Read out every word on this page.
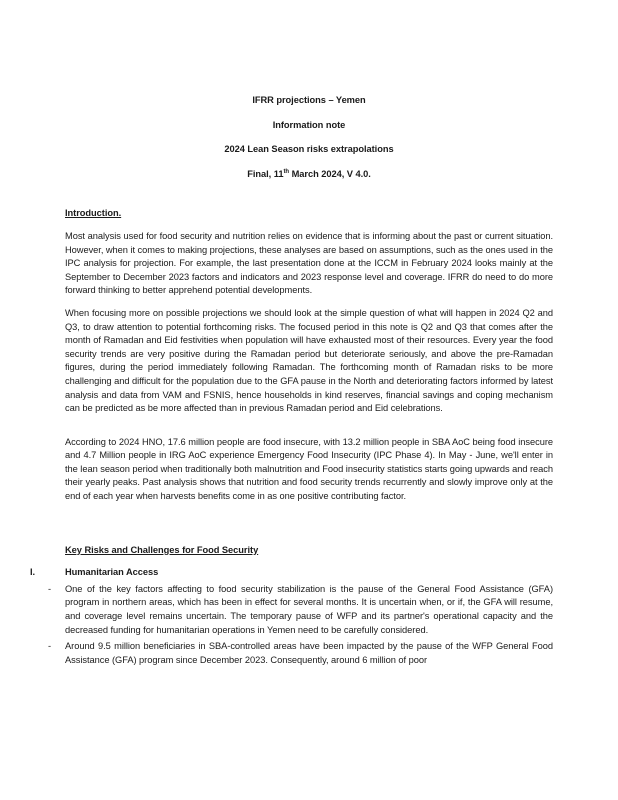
IFRR projections – Yemen

Information note

2024 Lean Season risks extrapolations

Final, 11th March 2024, V 4.0.

Introduction.

Most analysis used for food security and nutrition relies on evidence that is informing about the past or current situation. However, when it comes to making projections, these analyses are based on assumptions, such as the ones used in the IPC analysis for projection. For example, the last presentation done at the ICCM in February 2024 looks mainly at the September to December 2023 factors and indicators and 2023 response level and coverage. IFRR do need to do more forward thinking to better apprehend potential developments.

When focusing more on possible projections we should look at the simple question of what will happen in 2024 Q2 and Q3, to draw attention to potential forthcoming risks. The focused period in this note is Q2 and Q3 that comes after the month of Ramadan and Eid festivities when population will have exhausted most of their resources. Every year the food security trends are very positive during the Ramadan period but deteriorate seriously, and above the pre-Ramadan figures, during the period immediately following Ramadan. The forthcoming month of Ramadan risks to be more challenging and difficult for the population due to the GFA pause in the North and deteriorating factors informed by latest analysis and data from VAM and FSNIS, hence households in kind reserves, financial savings and coping mechanism can be predicted as be more affected than in previous Ramadan period and Eid celebrations.

According to 2024 HNO, 17.6 million people are food insecure, with 13.2 million people in SBA AoC being food insecure and 4.7 Million people in IRG AoC experience Emergency Food Insecurity (IPC Phase 4). In May - June, we'll enter in the lean season period when traditionally both malnutrition and Food insecurity statistics starts going upwards and reach their yearly peaks. Past analysis shows that nutrition and food security trends recurrently and slowly improve only at the end of each year when harvests benefits come in as one positive contributing factor.

Key Risks and Challenges for Food Security
I.	Humanitarian Access
-	One of the key factors affecting to food security stabilization is the pause of the General Food Assistance (GFA) program in northern areas, which has been in effect for several months. It is uncertain when, or if, the GFA will resume, and coverage level remains uncertain. The temporary pause of WFP and its partner's operational capacity and the decreased funding for humanitarian operations in Yemen need to be carefully considered.
-	Around 9.5 million beneficiaries in SBA-controlled areas have been impacted by the pause of the WFP General Food Assistance (GFA) program since December 2023. Consequently, around 6 million of poor
